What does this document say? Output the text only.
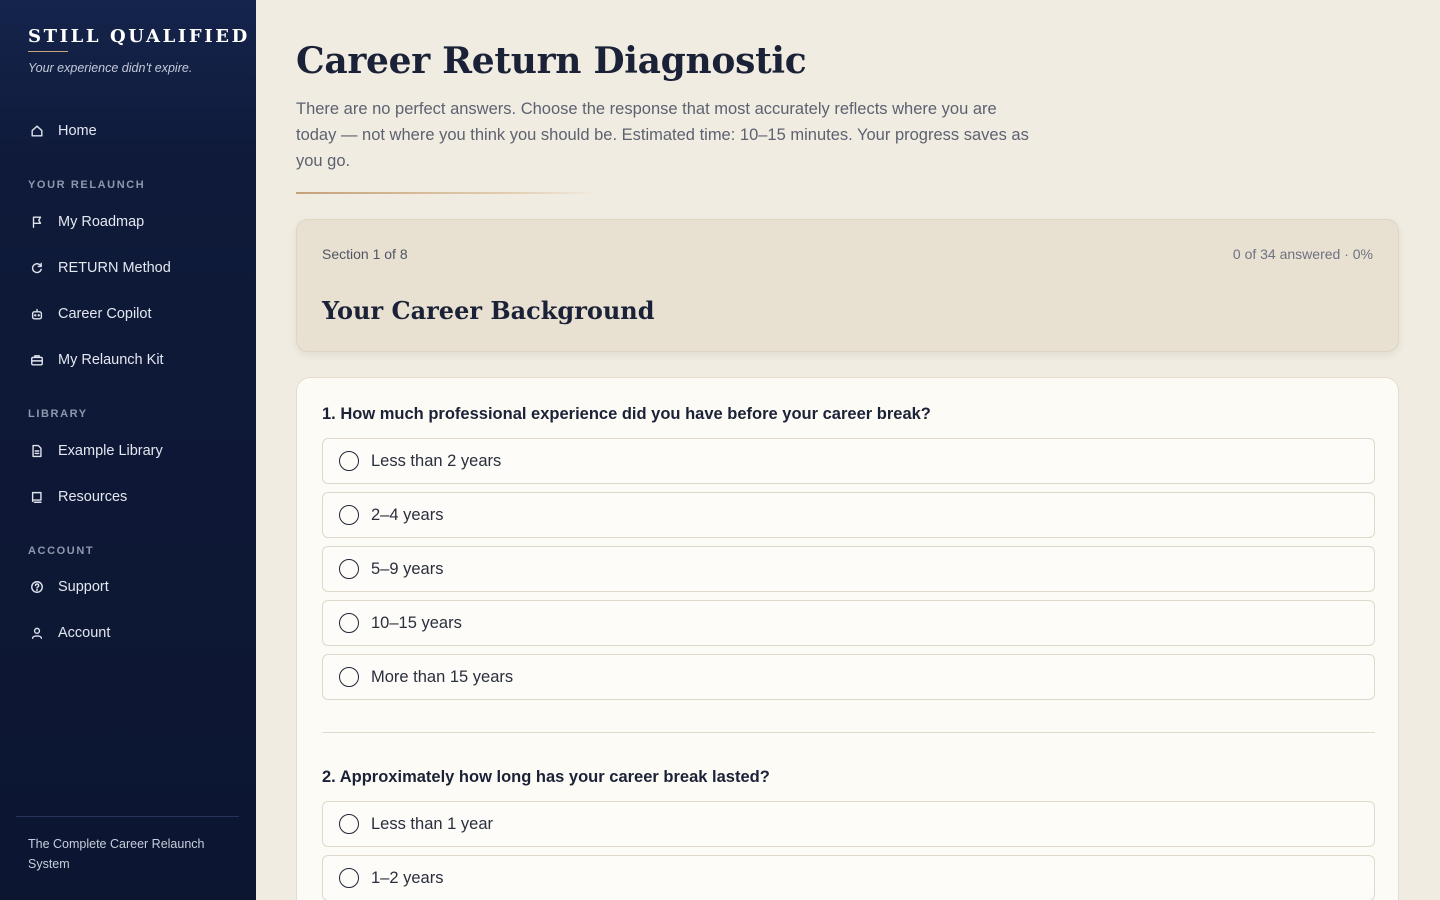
STILL QUALIFIED
Your experience didn't expire.
Home
YOUR RELAUNCH
My Roadmap
RETURN Method
Career Copilot
My Relaunch Kit
LIBRARY
Example Library
Resources
ACCOUNT
Support
Account
The Complete Career Relaunch System
Career Return Diagnostic

There are no perfect answers. Choose the response that most accurately reflects where you are today — not where you think you should be. Estimated time: 10–15 minutes. Your progress saves as you go.

Section 1 of 8	0 of 34 answered · 0%
Your Career Background
1. How much professional experience did you have before your career break?
Less than 2 years
2–4 years
5–9 years
10–15 years
More than 15 years
2. Approximately how long has your career break lasted?
Less than 1 year
1–2 years
